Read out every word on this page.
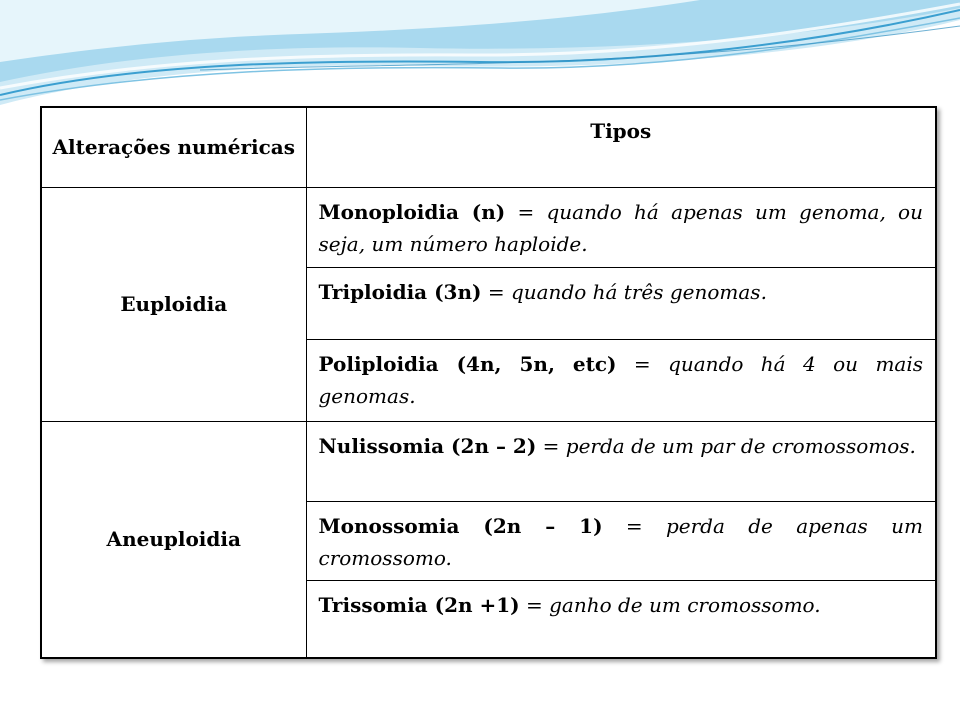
Alterações numéricas	Tipos
Euploidia	Monoploidia (n) = quando há apenas um genoma, ou seja, um número haploide.
	Triploidia (3n) = quando há três genomas.
	Poliploidia (4n, 5n, etc) = quando há 4 ou mais genomas.
Aneuploidia	Nulissomia (2n – 2) = perda de um par de cromossomos.
	Monossomia (2n – 1) = perda de apenas um cromossomo.
	Trissomia (2n +1) = ganho de um cromossomo.
